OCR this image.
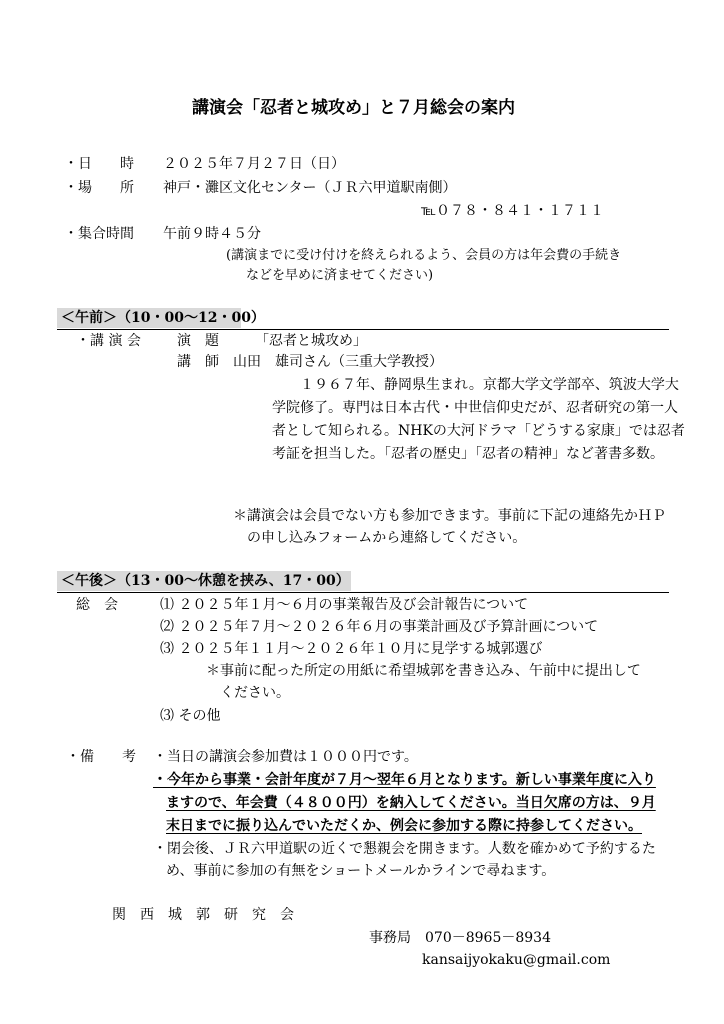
講演会「忍者と城攻め」と７月総会の案内
・日　　時 ２０２５年７月２７日（日）
・場　　所 神戸・灘区文化センター（ＪＲ六甲道駅南側）
℡０７８・８４１・１７１１
・集合時間 午前９時４５分
(講演までに受け付けを終えられるよう、会員の方は年会費の手続き
などを早めに済ませてください)
＜午前＞（10・00～12・00）
・講 演 会	演　題	「忍者と城攻め」
講　師 山田　雄司さん（三重大学教授）
１９６７年、静岡県生まれ。京都大学文学部卒、筑波大学大学院修了。専門は日本古代・中世信仰史だが、忍者研究の第一人者として知られる。NHKの大河ドラマ「どうする家康」では忍者考証を担当した。「忍者の歴史」「忍者の精神」など著書多数。
＊講演会は会員でない方も参加できます。事前に下記の連絡先かＨＰ
の申し込みフォームから連絡してください。
＜午後＞（13・00～休憩を挟み、17・00）
総　会	⑴ ２０２５年１月～６月の事業報告及び会計報告について
⑵ ２０２５年７月～２０２６年６月の事業計画及び予算計画について
⑶ ２０２５年１１月～２０２６年１０月に見学する城郭選び
＊事前に配った所定の用紙に希望城郭を書き込み、午前中に提出して
ください。
⑶ その他
・備　　考 ・当日の講演会参加費は１０００円です。
・今年から事業・会計年度が７月～翌年６月となります。新しい事業年度に入り
ますので、年会費（４８００円）を納入してください。当日欠席の方は、９月
末日までに振り込んでいただくか、例会に参加する際に持参してください。
・閉会後、ＪＲ六甲道駅の近くで懇親会を開きます。人数を確かめて予約するた
め、事前に参加の有無をショートメールかラインで尋ねます。
関　西　城　郭　研　究　会
事務局　070－8965－8934
kansaijyokaku@gmail.com
